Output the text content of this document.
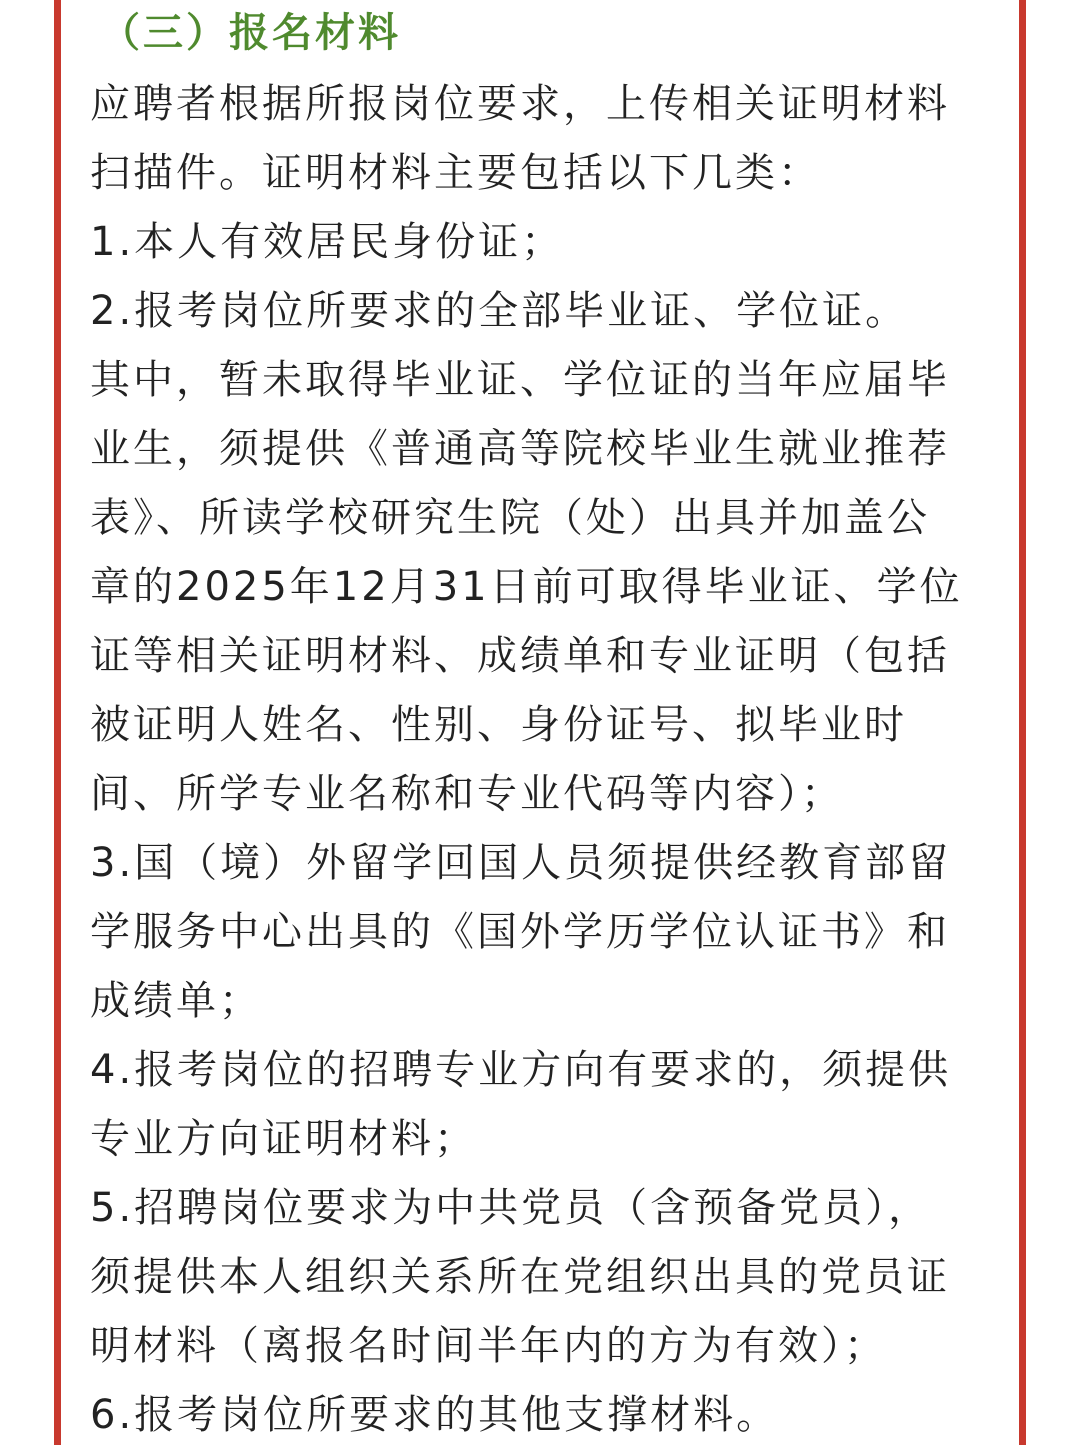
（三）报名材料
应聘者根据所报岗位要求，上传相关证明材料
扫描件。证明材料主要包括以下几类：
1.本人有效居民身份证；
2.报考岗位所要求的全部毕业证、学位证。
其中，暂未取得毕业证、学位证的当年应届毕
业生，须提供《普通高等院校毕业生就业推荐
表》、所读学校研究生院（处）出具并加盖公
章的2025年12月31日前可取得毕业证、学位
证等相关证明材料、成绩单和专业证明（包括
被证明人姓名、性别、身份证号、拟毕业时
间、所学专业名称和专业代码等内容）；
3.国（境）外留学回国人员须提供经教育部留
学服务中心出具的《国外学历学位认证书》和
成绩单；
4.报考岗位的招聘专业方向有要求的，须提供
专业方向证明材料；
5.招聘岗位要求为中共党员（含预备党员），
须提供本人组织关系所在党组织出具的党员证
明材料（离报名时间半年内的方为有效）；
6.报考岗位所要求的其他支撑材料。
